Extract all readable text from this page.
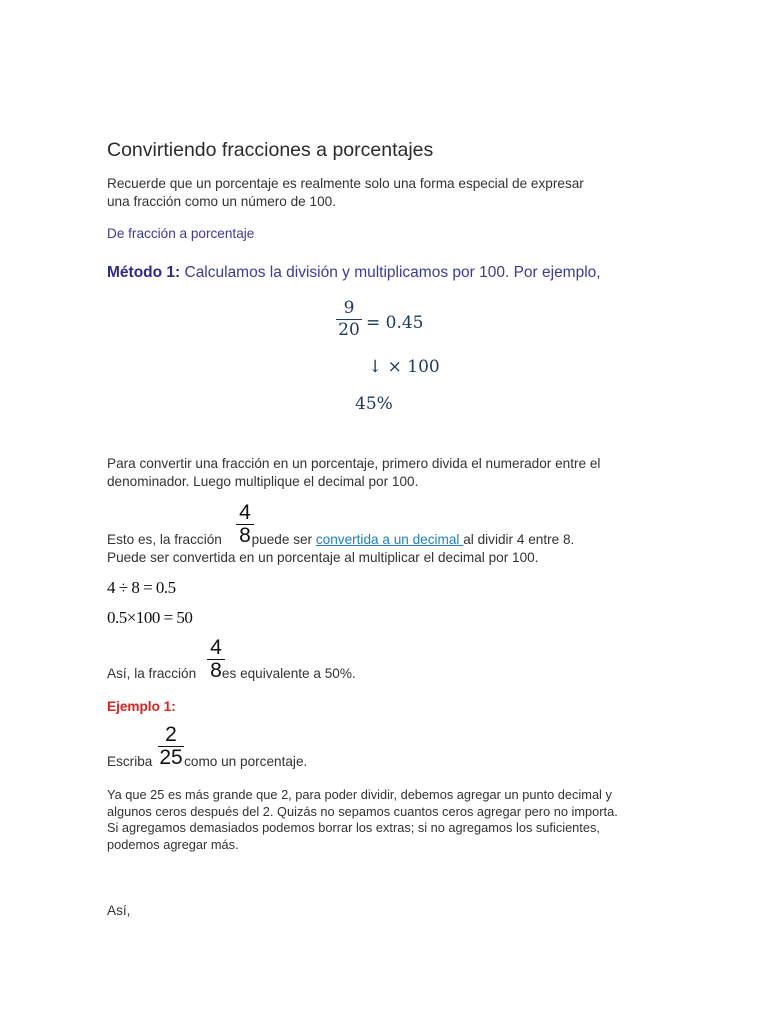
Convirtiendo fracciones a porcentajes
Recuerde que un porcentaje es realmente solo una forma especial de expresar
una fracción como un número de 100.
De fracción a porcentaje
Método 1: Calculamos la división y multiplicamos por 100. Por ejemplo,
9
20 = 0.45
↓ × 100
45%
Para convertir una fracción en un porcentaje, primero divida el numerador entre el
denominador. Luego multiplique el decimal por 100.
Esto es, la fracción puede ser convertida a un decimal al dividir 4 entre 8.
4
8
Puede ser convertida en un porcentaje al multiplicar el decimal por 100.
4 ÷ 8 = 0.5
0.5×100 = 50
Así, la fracción es equivalente a 50%.
4
8
Ejemplo 1:
Escriba como un porcentaje.
2
25
Ya que 25 es más grande que 2, para poder dividir, debemos agregar un punto decimal y
algunos ceros después del 2. Quizás no sepamos cuantos ceros agregar pero no importa.
Si agregamos demasiados podemos borrar los extras; si no agregamos los suficientes,
podemos agregar más.
Así,
